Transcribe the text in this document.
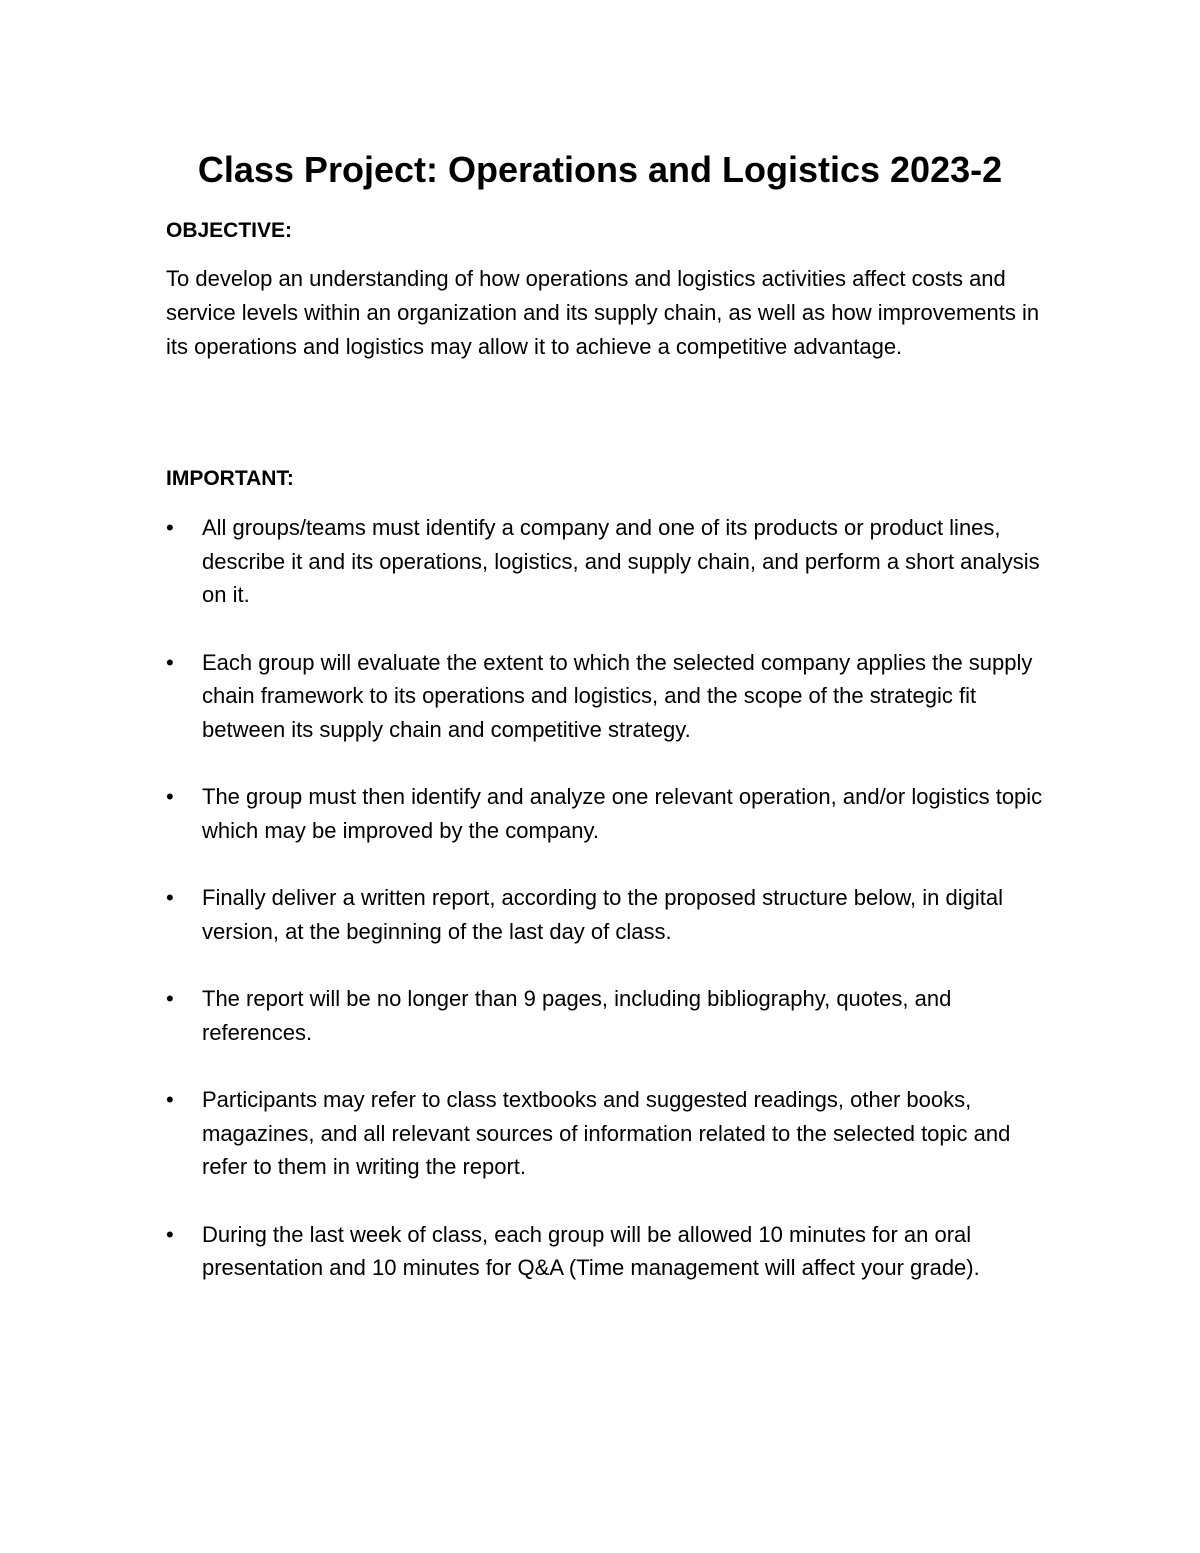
Class Project: Operations and Logistics 2023-2
OBJECTIVE:

To develop an understanding of how operations and logistics activities affect costs and service levels within an organization and its supply chain, as well as how improvements in its operations and logistics may allow it to achieve a competitive advantage.

IMPORTANT:
• All groups/teams must identify a company and one of its products or product lines, describe it and its operations, logistics, and supply chain, and perform a short analysis on it.
• Each group will evaluate the extent to which the selected company applies the supply chain framework to its operations and logistics, and the scope of the strategic fit between its supply chain and competitive strategy.
• The group must then identify and analyze one relevant operation, and/or logistics topic which may be improved by the company.
• Finally deliver a written report, according to the proposed structure below, in digital version, at the beginning of the last day of class.
• The report will be no longer than 9 pages, including bibliography, quotes, and references.
• Participants may refer to class textbooks and suggested readings, other books, magazines, and all relevant sources of information related to the selected topic and refer to them in writing the report.
• During the last week of class, each group will be allowed 10 minutes for an oral presentation and 10 minutes for Q&A (Time management will affect your grade).
